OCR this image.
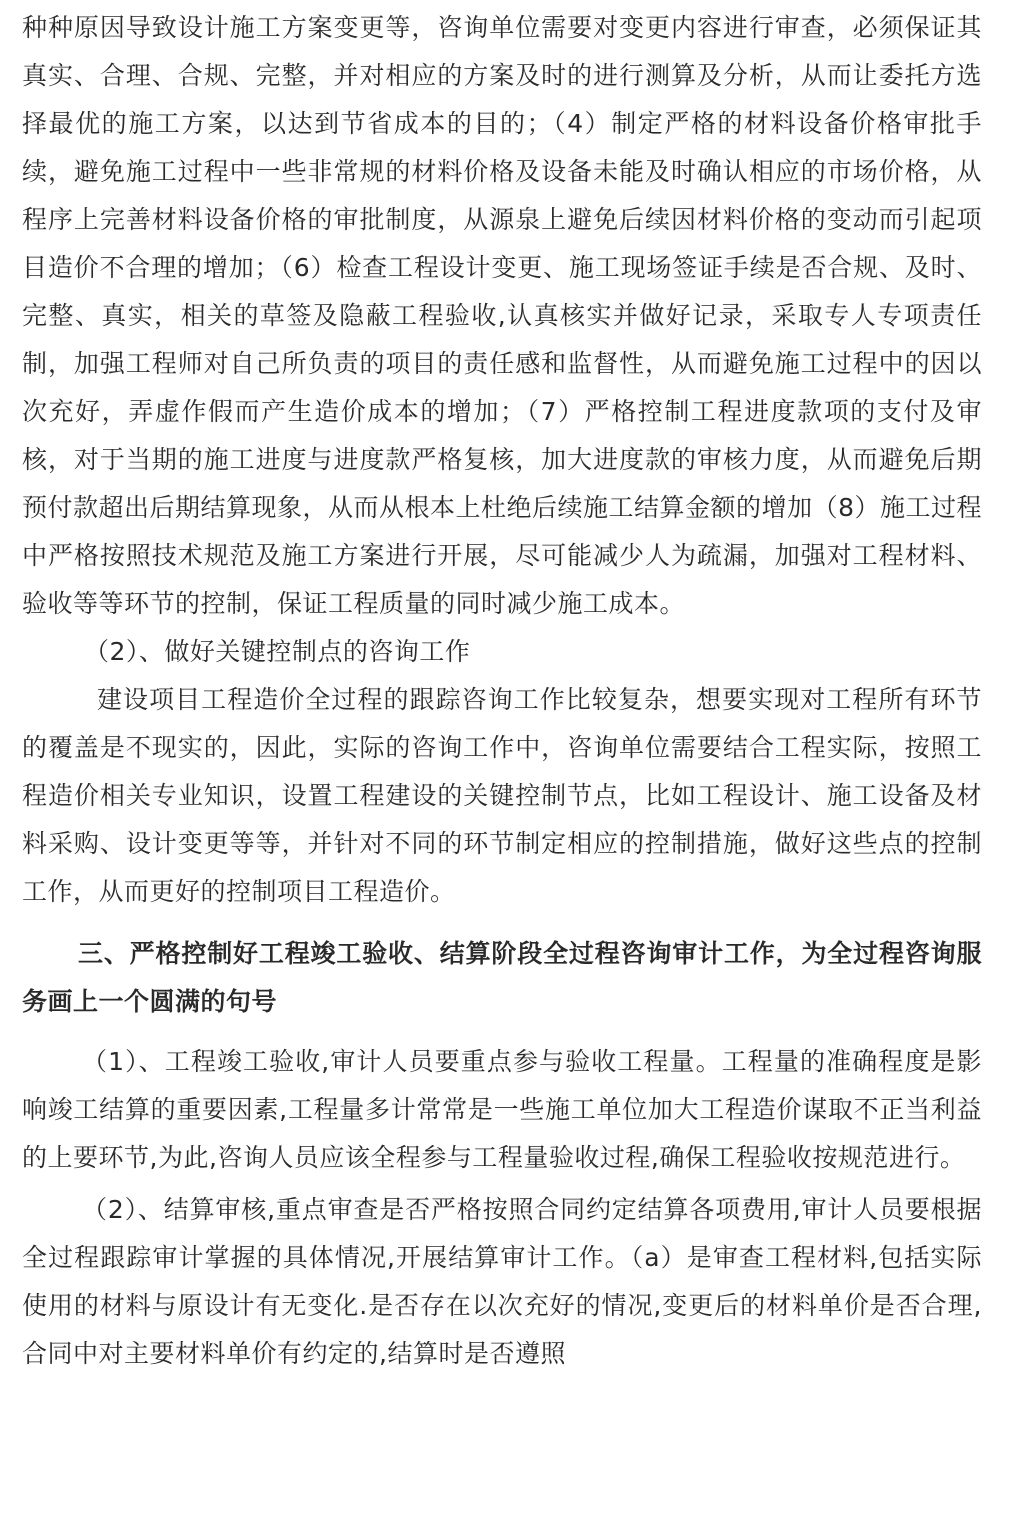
种种原因导致设计施工方案变更等，咨询单位需要对变更内容进行审查，必须保证其真实、合理、合规、完整，并对相应的方案及时的进行测算及分析，从而让委托方选择最优的施工方案，以达到节省成本的目的；（4）制定严格的材料设备价格审批手续，避免施工过程中一些非常规的材料价格及设备未能及时确认相应的市场价格，从程序上完善材料设备价格的审批制度，从源泉上避免后续因材料价格的变动而引起项目造价不合理的增加；（6）检查工程设计变更、施工现场签证手续是否合规、及时、完整、真实，相关的草签及隐蔽工程验收,认真核实并做好记录，采取专人专项责任制，加强工程师对自己所负责的项目的责任感和监督性，从而避免施工过程中的因以次充好，弄虚作假而产生造价成本的增加；（7）严格控制工程进度款项的支付及审核，对于当期的施工进度与进度款严格复核，加大进度款的审核力度，从而避免后期预付款超出后期结算现象，从而从根本上杜绝后续施工结算金额的增加（8）施工过程中严格按照技术规范及施工方案进行开展，尽可能减少人为疏漏，加强对工程材料、验收等等环节的控制，保证工程质量的同时减少施工成本。

（2）、做好关键控制点的咨询工作

建设项目工程造价全过程的跟踪咨询工作比较复杂，想要实现对工程所有环节的覆盖是不现实的，因此，实际的咨询工作中，咨询单位需要结合工程实际，按照工程造价相关专业知识，设置工程建设的关键控制节点，比如工程设计、施工设备及材料采购、设计变更等等，并针对不同的环节制定相应的控制措施，做好这些点的控制工作，从而更好的控制项目工程造价。

三、严格控制好工程竣工验收、结算阶段全过程咨询审计工作，为全过程咨询服务画上一个圆满的句号

（1）、工程竣工验收,审计人员要重点参与验收工程量。工程量的准确程度是影响竣工结算的重要因素,工程量多计常常是一些施工单位加大工程造价谋取不正当利益的上要环节,为此,咨询人员应该全程参与工程量验收过程,确保工程验收按规范进行。

（2）、结算审核,重点审查是否严格按照合同约定结算各项费用,审计人员要根据全过程跟踪审计掌握的具体情况,开展结算审计工作。（a）是审查工程材料,包括实际使用的材料与原设计有无变化.是否存在以次充好的情况,变更后的材料单价是否合理,合同中对主要材料单价有约定的,结算时是否遵照
